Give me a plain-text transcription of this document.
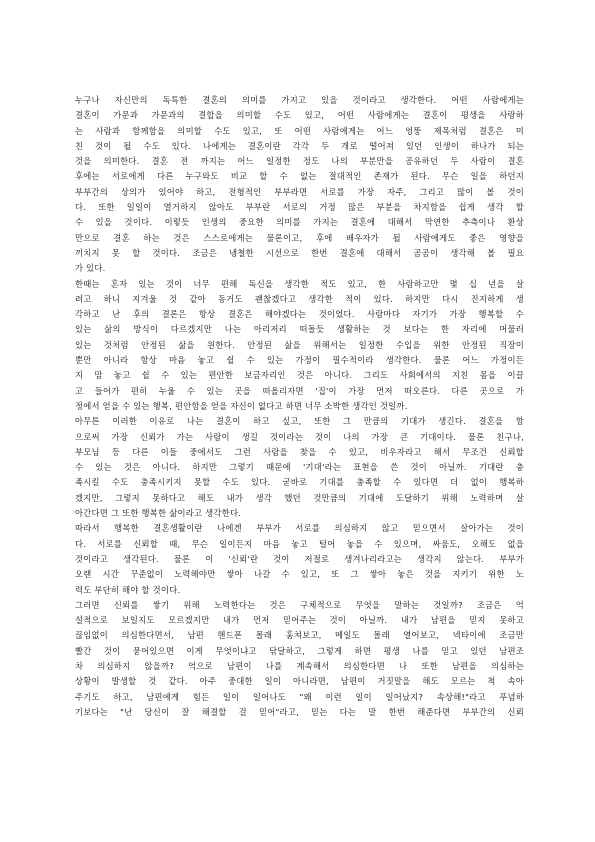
누구나 자신만의 독특한 결혼의 의미를 가지고 있을 것이라고 생각한다. 어떤 사람에게는
결혼이 가문과 가문과의 결합을 의미할 수도 있고, 어떤 사람에게는 결혼이 평생을 사랑하
는 사람과 함께함을 의미할 수도 있고, 또 어떤 사람에게는 어느 엉뚱 제목처럼 결혼은 미
친 것이 될 수도 있다. 나에게는 결혼이란 각각 두 개로 떨어져 있던 인생이 하나가 되는
것을 의미한다. 결혼 전 까지는 어느 일정한 정도 나의 부분만을 공유하던 두 사람이 결혼
후에는 서로에게 다른 누구와도 비교 할 수 없는 절대적인 존재가 된다. 무슨 일을 하던지
부부간의 상의가 있어야 하고, 전형적인 부부라면 서로를 가장 자주, 그리고 많이 볼 것이
다. 또한 일일이 열거하지 않아도 부부란 서로의 거정 많은 부분을 차지함을 쉽게 생각 할
수 있을 것이다. 이렇듯 인생의 중요한 의미를 가지는 결혼에 대해서 막연한 추측이나 환상
만으로 결혼 하는 것은 스스로에게는 물론이고, 후에 배우자가 될 사람에게도 좋은 영향을
끼치지 못 할 것이다. 조금은 냉철한 시선으로 한번 결혼에 대해서 곰곰이 생각해 볼 필요
가 있다.
한때는 혼자 있는 것이 너무 편해 독신을 생각한 적도 있고, 한 사람하고만 몇 십 년을 살
려고 하니 지겨울 것 같아 동거도 괜찮겠다고 생각한 적이 있다. 하지만 다시 진지하게 생
각하고 난 후의 결론은 항상 결혼은 해야겠다는 것이었다. 사람마다 자기가 가장 행복할 수
있는 삶의 방식이 다르겠지만 나는 아리저리 떠돌듯 생활하는 것 보다는 한 자리에 머물러
있는 것처럼 안정된 삶을 원한다. 안정된 삶을 위해서는 일정한 수입을 위한 안정된 직장이
뿐만 아니라 항상 마음 놓고 쉴 수 있는 가정이 필수적이라 생각한다. 물론 어느 가정이든
지 맘 놓고 쉴 수 있는 편안한 보금자리인 것은 아니다. 그리도 사회에서의 지친 몸을 이끌
고 들어가 편히 누울 수 있는 곳을 떠올리자면 '집'이 가장 먼저 떠오른다. 다른 곳으로 가
정에서 얻을 수 있는 행복, 편안함을 얻을 자신이 없다고 하면 너무 소박한 생각인 것일까.
아무튼 이러한 이유로 나는 결혼이 하고 싶고, 또한 그 만큼의 기대가 생긴다. 결혼을 함
으로써 가장 신뢰가 가는 사람이 생길 것이라는 것이 나의 가장 큰 기대이다. 물론 친구나,
부모님 등 다른 이들 중에서도 그런 사람을 찾을 수 있고, 비우자라고 해서 무조건 신뢰할
수 있는 것은 아니다. 하지만 그렇기 때문에 '기대'라는 표현을 쓴 것이 아닐까. 기대란 충
족시킬 수도 충족시키지 못할 수도 있다. 굳바로 기대를 충족할 수 있다면 더 없이 행복하
겠지만, 그렇지 못하다고 해도 내가 생각 했던 것만큼의 기대에 도달하기 위해 노력하며 살
아간다면 그 또한 행복한 삶이라고 생각한다.
따라서 행복한 결혼생활이란 나에겐 부부가 서로를 의심하지 않고 믿으면서 살아가는 것이
다. 서로를 신뢰할 때, 무슨 일이든지 마음 놓고 털어 놓을 수 있으며, 싸움도, 오해도 없을
것이라고 생각된다. 물론 이 '신뢰'란 것이 저절로 생겨나리라고는 생각지 않는다. 부부가
오랜 시간 꾸준없이 노력해야만 쌓아 나갈 수 있고, 또 그 쌓아 놓은 것을 지키기 위한 노
력도 부단히 해야 할 것이다.
그러면 신뢰를 쌓기 위해 노력한다는 것은 구체적으로 무엇을 말하는 것일까? 조금은 억
설적으로 보일지도 모르겠지만 내가 먼저 믿어주는 것이 아닐까. 내가 남편을 믿지 못하고
끊임없이 의심한다면서, 남편 핸드폰 몰래 훔쳐보고, 메일도 몰래 열어보고, 넥타이에 조금만
빨간 것이 묻어있으면 이게 무엇이냐고 닦달하고, 그렇게 하면 평생 나를 믿고 있던 남편조
차 의심하지 않을까? 억으로 남편이 나를 계속해서 의심한다면 나 또한 남편을 의심하는
상황이 발생할 것 같다. 아주 중대한 일이 아니라면, 남편이 거짓말을 해도 모르는 척 속아
주기도 하고, 남편에게 힘든 일이 일어나도 "왜 이런 일이 일어났지? 속상해!"라고 푸념하
기보다는 "난 당신이 잘 해결할 걸 믿어"라고, 믿는 다는 말 한번 해준다면 부부간의 신뢰
